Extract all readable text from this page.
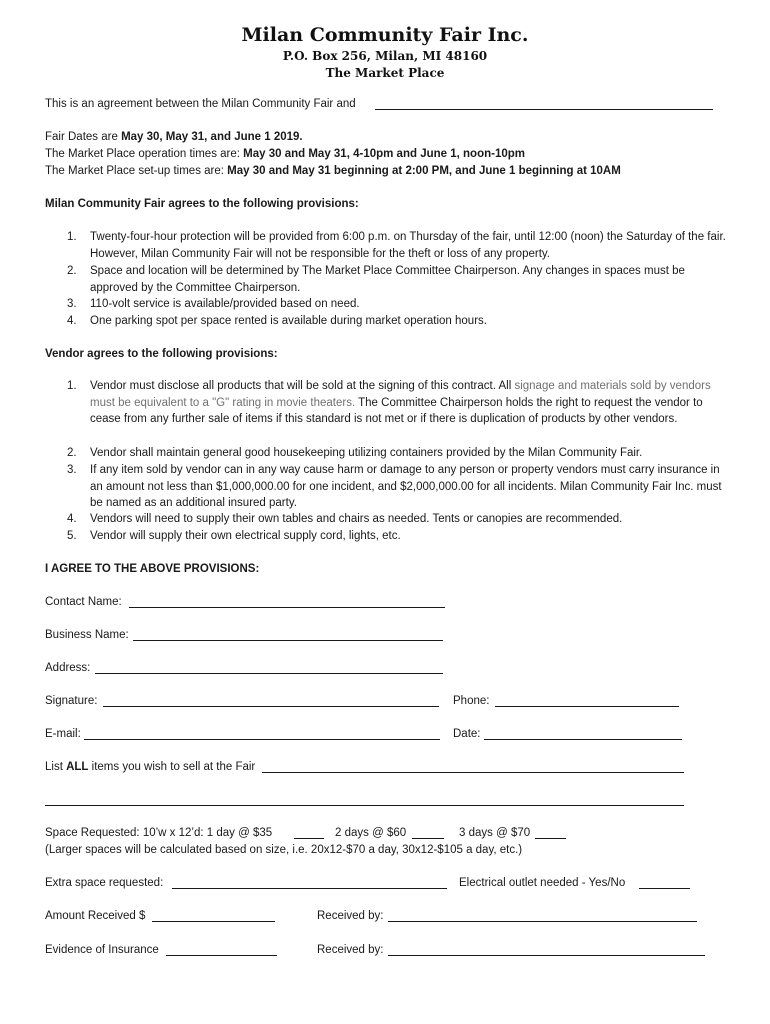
Milan Community Fair Inc.
P.O. Box 256, Milan, MI 48160
The Market Place
This is an agreement between the Milan Community Fair and
Fair Dates are May 30, May 31, and June 1 2019.
The Market Place operation times are: May 30 and May 31, 4-10pm and June 1, noon-10pm
The Market Place set-up times are: May 30 and May 31 beginning at 2:00 PM, and June 1 beginning at 10AM
Milan Community Fair agrees to the following provisions:
1. Twenty-four-hour protection will be provided from 6:00 p.m. on Thursday of the fair, until 12:00 (noon) the Saturday of the fair. However, Milan Community Fair will not be responsible for the theft or loss of any property.
2. Space and location will be determined by The Market Place Committee Chairperson. Any changes in spaces must be approved by the Committee Chairperson.
3. 110-volt service is available/provided based on need.
4. One parking spot per space rented is available during market operation hours.
Vendor agrees to the following provisions:
1. Vendor must disclose all products that will be sold at the signing of this contract. All signage and materials sold by vendors must be equivalent to a "G" rating in movie theaters. The Committee Chairperson holds the right to request the vendor to cease from any further sale of items if this standard is not met or if there is duplication of products by other vendors.
2. Vendor shall maintain general good housekeeping utilizing containers provided by the Milan Community Fair.
3. If any item sold by vendor can in any way cause harm or damage to any person or property vendors must carry insurance in an amount not less than $1,000,000.00 for one incident, and $2,000,000.00 for all incidents. Milan Community Fair Inc. must be named as an additional insured party.
4. Vendors will need to supply their own tables and chairs as needed. Tents or canopies are recommended.
5. Vendor will supply their own electrical supply cord, lights, etc.
I AGREE TO THE ABOVE PROVISIONS:
Contact Name:
Business Name:
Address:
Signature:	Phone:
E-mail:	Date:
List ALL items you wish to sell at the Fair
Space Requested: 10’w x 12’d: 1 day @ $35	2 days @ $60	3 days @ $70
(Larger spaces will be calculated based on size, i.e. 20x12-$70 a day, 30x12-$105 a day, etc.)
Extra space requested:	Electrical outlet needed - Yes/No
Amount Received $	Received by:
Evidence of Insurance	Received by:
